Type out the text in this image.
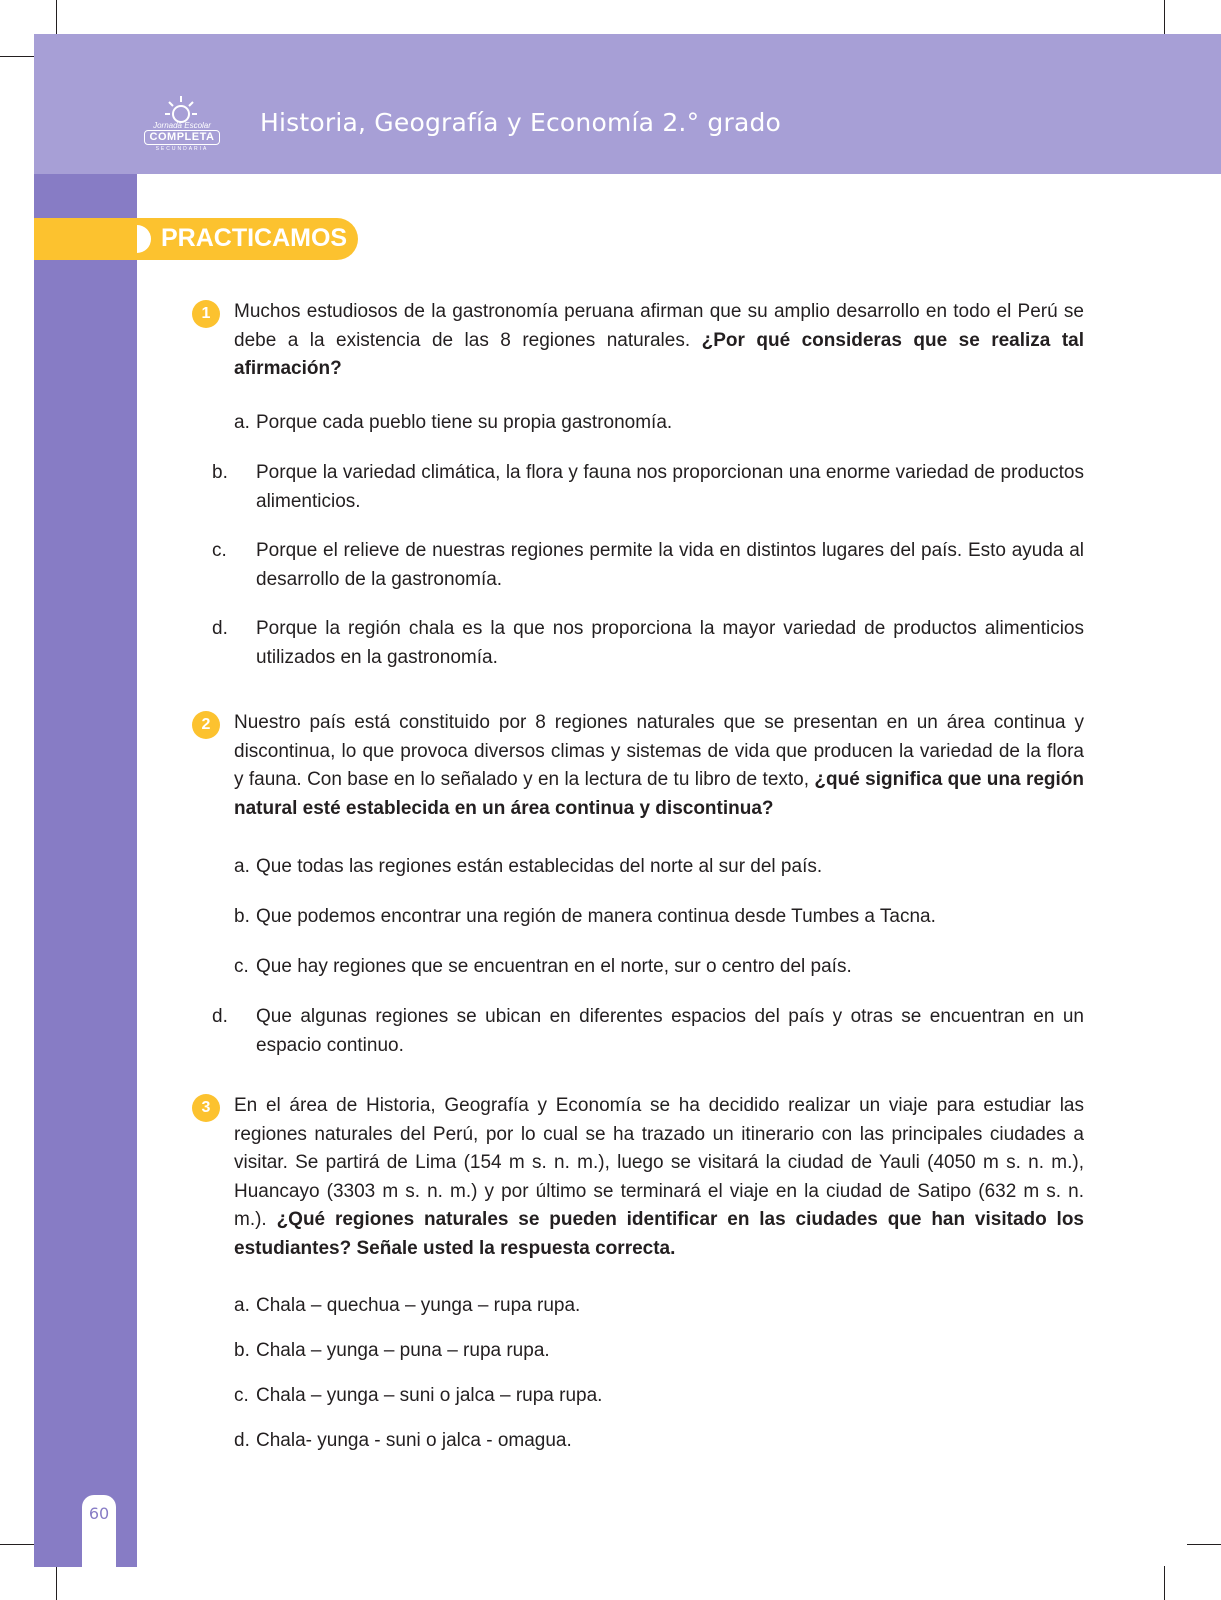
Jornada Escolar
COMPLETA
SECUNDARIA
Historia, Geografía y Economía 2.° grado
60
PRACTICAMOS
1	Muchos estudiosos de la gastronomía peruana afirman que su amplio desarrollo en todo el Perú se debe a la existencia de las 8 regiones naturales. ¿Por qué consideras que se realiza tal afirmación?
a. Porque cada pueblo tiene su propia gastronomía.
b. Porque la variedad climática, la flora y fauna nos proporcionan una enorme variedad de productos alimenticios.
c. Porque el relieve de nuestras regiones permite la vida en distintos lugares del país. Esto ayuda al desarrollo de la gastronomía.
d. Porque la región chala es la que nos proporciona la mayor variedad de productos alimenticios utilizados en la gastronomía.
2	Nuestro país está constituido por 8 regiones naturales que se presentan en un área continua y discontinua, lo que provoca diversos climas y sistemas de vida que producen la variedad de la flora y fauna. Con base en lo señalado y en la lectura de tu libro de texto, ¿qué significa que una región natural esté establecida en un área continua y discontinua?
a. Que todas las regiones están establecidas del norte al sur del país.
b. Que podemos encontrar una región de manera continua desde Tumbes a Tacna.
c. Que hay regiones que se encuentran en el norte, sur o centro del país.
d. Que algunas regiones se ubican en diferentes espacios del país y otras se encuentran en un espacio continuo.
3	En el área de Historia, Geografía y Economía se ha decidido realizar un viaje para estudiar las regiones naturales del Perú, por lo cual se ha trazado un itinerario con las principales ciudades a visitar. Se partirá de Lima (154 m s. n. m.), luego se visitará la ciudad de Yauli (4050 m s. n. m.), Huancayo (3303 m s. n. m.) y por último se terminará el viaje en la ciudad de Satipo (632 m s. n. m.). ¿Qué regiones naturales se pueden identificar en las ciudades que han visitado los estudiantes? Señale usted la respuesta correcta.
a. Chala – quechua – yunga – rupa rupa.
b. Chala – yunga – puna – rupa rupa.
c. Chala – yunga – suni o jalca – rupa rupa.
d. Chala- yunga - suni o jalca - omagua.
